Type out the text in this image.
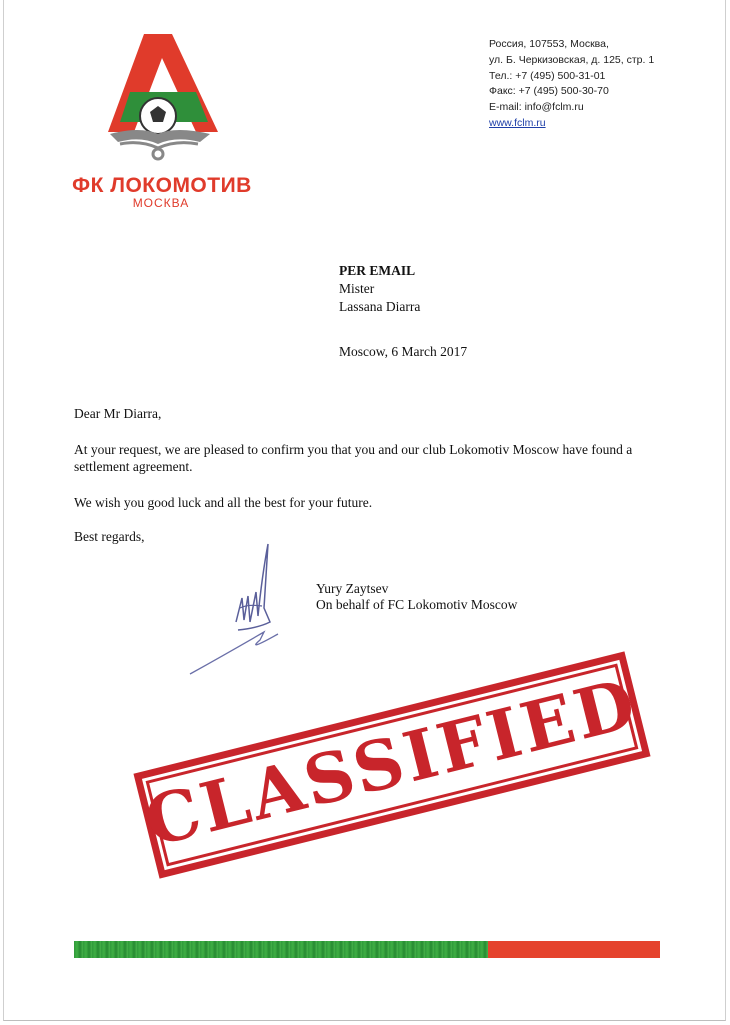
ФК ЛОКОМОТИВ
МОСКВА
Россия, 107553, Москва,
ул. Б. Черкизовская, д. 125, стр. 1
Тел.: +7 (495) 500-31-01
Факс: +7 (495) 500-30-70
E-mail: info@fclm.ru
www.fclm.ru
PER EMAIL
Mister
Lassana Diarra
Moscow, 6 March 2017

Dear Mr Diarra,

At your request, we are pleased to confirm you that you and our club Lokomotiv Moscow have found a settlement agreement.

We wish you good luck and all the best for your future.

Best regards,

Yury Zaytsev
On behalf of FC Lokomotiv Moscow
CLASSIFIED
